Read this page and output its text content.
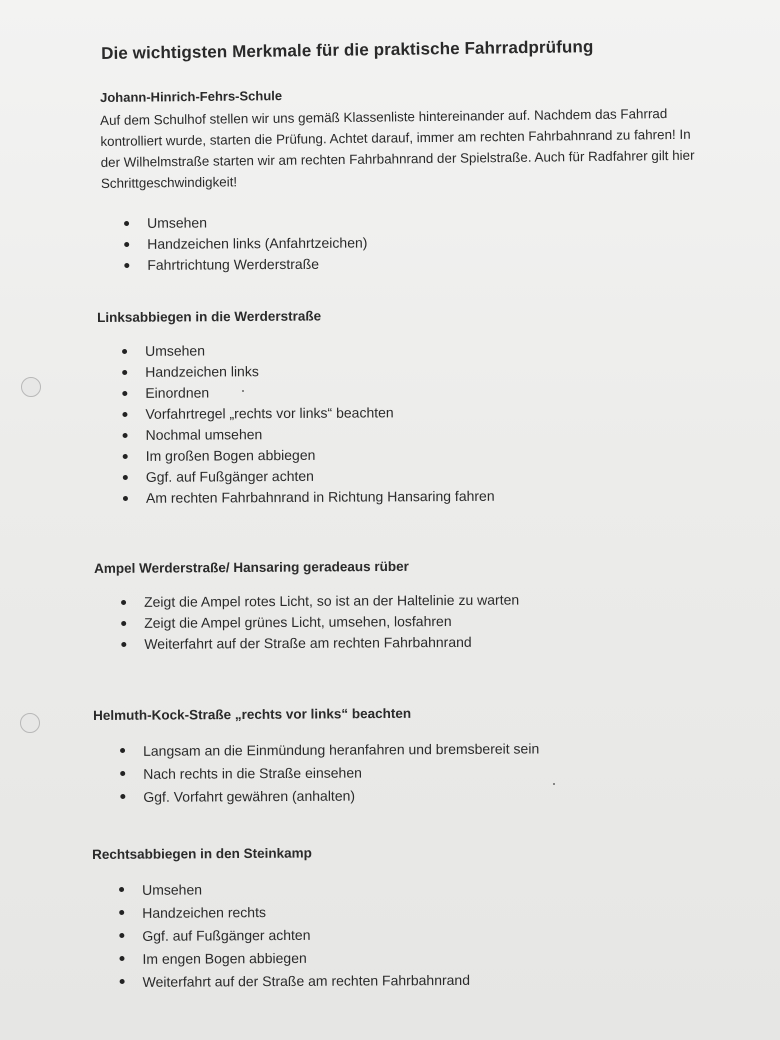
Die wichtigsten Merkmale für die praktische Fahrradprüfung
Johann-Hinrich-Fehrs-Schule
Auf dem Schulhof stellen wir uns gemäß Klassenliste hintereinander auf. Nachdem das Fahrrad
kontrolliert wurde, starten die Prüfung. Achtet darauf, immer am rechten Fahrbahnrand zu fahren! In
der Wilhelmstraße starten wir am rechten Fahrbahnrand der Spielstraße. Auch für Radfahrer gilt hier
Schrittgeschwindigkeit!
Umsehen
Handzeichen links (Anfahrtzeichen)
Fahrtrichtung Werderstraße
Linksabbiegen in die Werderstraße
Umsehen
Handzeichen links
Einordnen
Vorfahrtregel „rechts vor links“ beachten
Nochmal umsehen
Im großen Bogen abbiegen
Ggf. auf Fußgänger achten
Am rechten Fahrbahnrand in Richtung Hansaring fahren
Ampel Werderstraße/ Hansaring geradeaus rüber
Zeigt die Ampel rotes Licht, so ist an der Haltelinie zu warten
Zeigt die Ampel grünes Licht, umsehen, losfahren
Weiterfahrt auf der Straße am rechten Fahrbahnrand
Helmuth-Kock-Straße „rechts vor links“ beachten
Langsam an die Einmündung heranfahren und bremsbereit sein
Nach rechts in die Straße einsehen
Ggf. Vorfahrt gewähren (anhalten)
Rechtsabbiegen in den Steinkamp
Umsehen
Handzeichen rechts
Ggf. auf Fußgänger achten
Im engen Bogen abbiegen
Weiterfahrt auf der Straße am rechten Fahrbahnrand
